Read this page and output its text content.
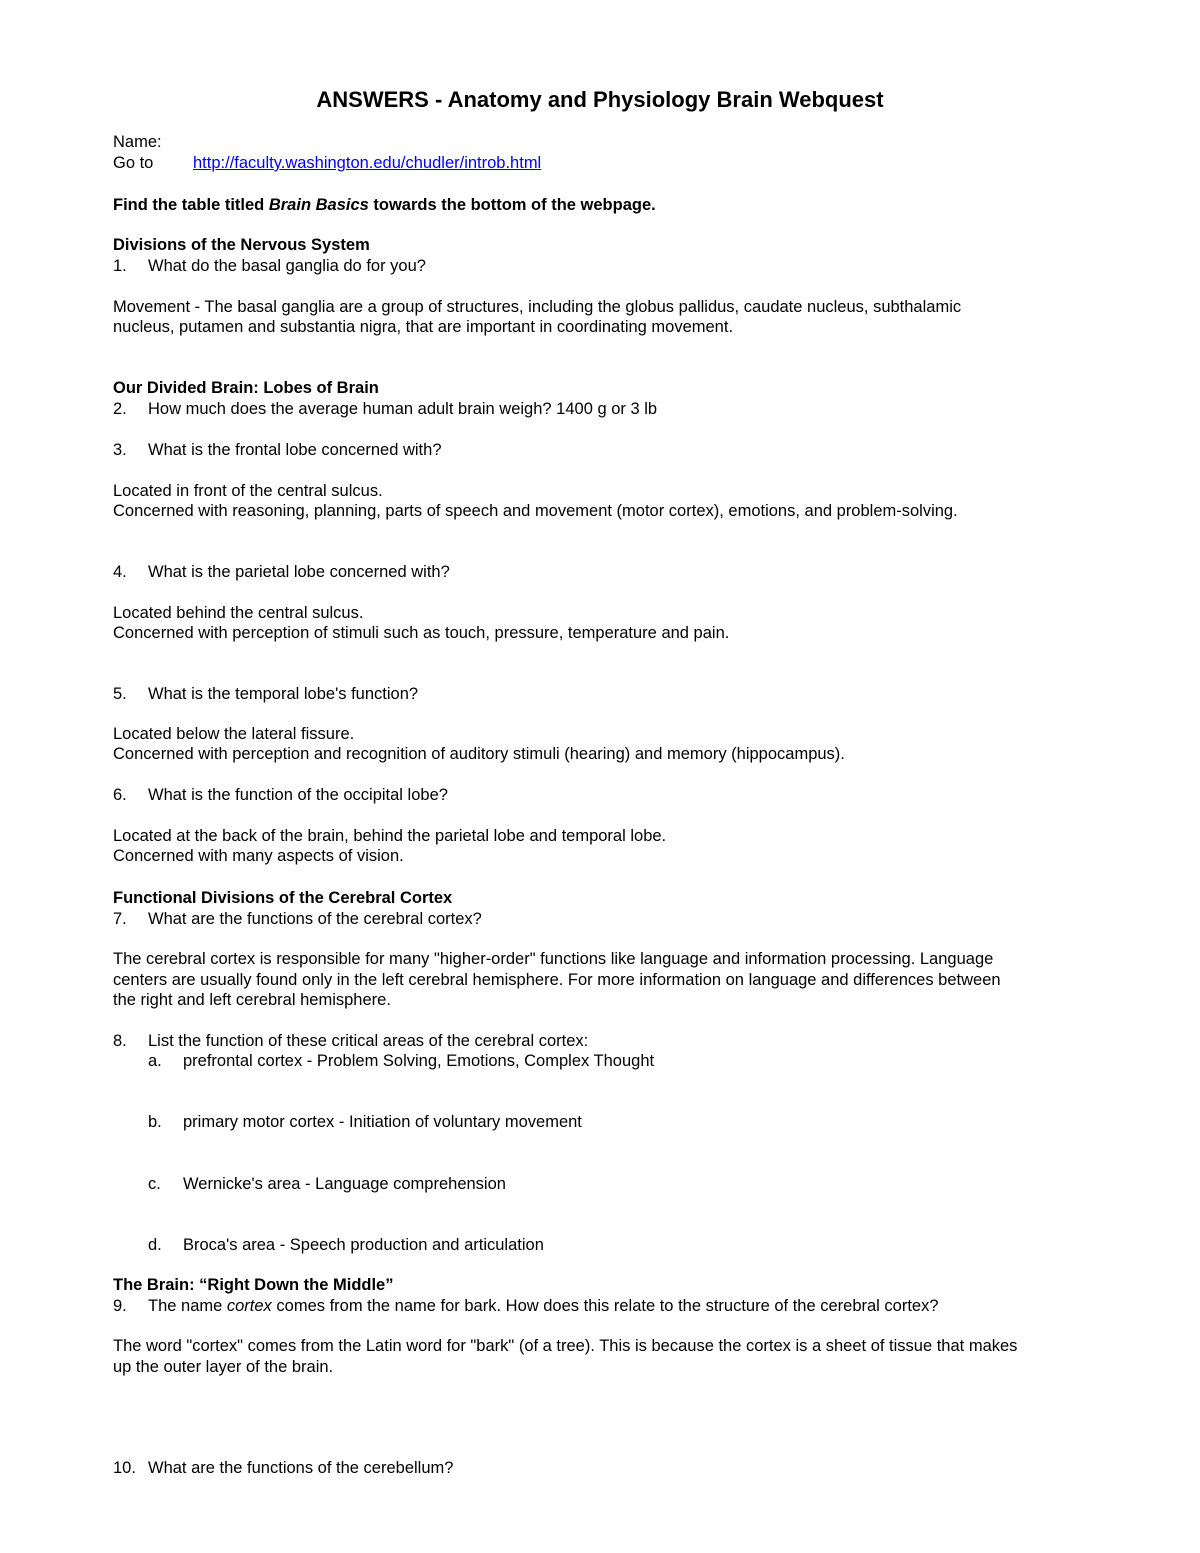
ANSWERS - Anatomy and Physiology Brain Webquest
Name:
Go to http://faculty.washington.edu/chudler/introb.html
Find the table titled Brain Basics towards the bottom of the webpage.
Divisions of the Nervous System
1. What do the basal ganglia do for you?
Movement - The basal ganglia are a group of structures, including the globus pallidus, caudate nucleus, subthalamic
nucleus, putamen and substantia nigra, that are important in coordinating movement.
Our Divided Brain: Lobes of Brain
2. How much does the average human adult brain weigh? 1400 g or 3 lb
3. What is the frontal lobe concerned with?
Located in front of the central sulcus.
Concerned with reasoning, planning, parts of speech and movement (motor cortex), emotions, and problem-solving.
4. What is the parietal lobe concerned with?
Located behind the central sulcus.
Concerned with perception of stimuli such as touch, pressure, temperature and pain.
5. What is the temporal lobe's function?
Located below the lateral fissure.
Concerned with perception and recognition of auditory stimuli (hearing) and memory (hippocampus).
6. What is the function of the occipital lobe?
Located at the back of the brain, behind the parietal lobe and temporal lobe.
Concerned with many aspects of vision.
Functional Divisions of the Cerebral Cortex
7. What are the functions of the cerebral cortex?
The cerebral cortex is responsible for many "higher-order" functions like language and information processing. Language
centers are usually found only in the left cerebral hemisphere. For more information on language and differences between
the right and left cerebral hemisphere.
8. List the function of these critical areas of the cerebral cortex:
a. prefrontal cortex - Problem Solving, Emotions, Complex Thought
b. primary motor cortex - Initiation of voluntary movement
c. Wernicke's area - Language comprehension
d. Broca's area - Speech production and articulation
The Brain: “Right Down the Middle”
9. The name cortex comes from the name for bark. How does this relate to the structure of the cerebral cortex?
The word "cortex" comes from the Latin word for "bark" (of a tree). This is because the cortex is a sheet of tissue that makes
up the outer layer of the brain.
10. What are the functions of the cerebellum?
